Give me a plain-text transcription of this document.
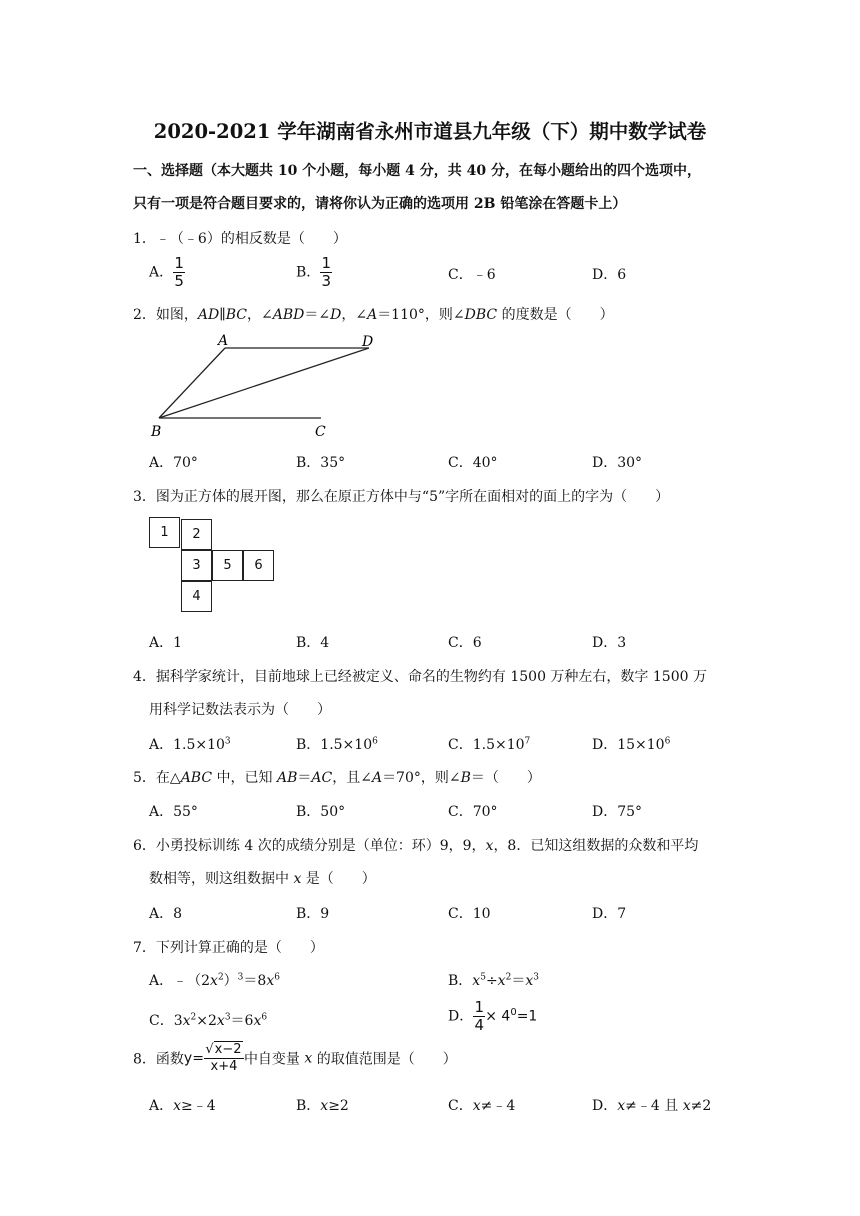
2020-2021 学年湖南省永州市道县九年级（下）期中数学试卷
一、选择题（本大题共 10 个小题，每小题 4 分，共 40 分，在每小题给出的四个选项中，
只有一项是符合题目要求的，请将你认为正确的选项用 2B 铅笔涂在答题卡上）
1．﹣（﹣6）的相反数是（　　）
A． $\frac{1}{5}$	B． $\frac{1}{3}$	C．﹣6	D．6
2．如图，AD∥BC，∠ABD＝∠D，∠A＝110°，则∠DBC 的度数是（　　）
A	D
B	C
A．70°	B．35°	C．40°	D．30°
3．图为正方体的展开图，那么在原正方体中与“5”字所在面相对的面上的字为（　　）
1	2
3	5	6
4
A．1	B．4	C．6	D．3
4．据科学家统计，目前地球上已经被定义、命名的生物约有 1500 万种左右，数字 1500 万
用科学记数法表示为（　　）
A．$1.5\times 10^3$	B．$1.5\times 10^6$	C．$1.5\times 10^7$	D．$15\times 10^6$
5．在△ABC 中，已知 AB＝AC，且∠A＝70°，则∠B＝（　　）
A．55°	B．50°	C．70°	D．75°
6．小勇投标训练 4 次的成绩分别是（单位：环）9，9，x，8．已知这组数据的众数和平均
数相等，则这组数据中 x 是（　　）
A．8	B．9	C．10	D．7
7．下列计算正确的是（　　）
A．$﹣(2x^2)^3=8x^6$	B．$x^5\div x^2=x^3$
C．$3x^2\times 2x^3=6x^6$	D． $\frac{1}{4} \times 4^0=1$
8．函数$y= \frac{√x-2}{x+4}$ 中自变量 x 的取值范围是（　　）
A．x≥﹣4	B．x≥2	C．x≠﹣4	D．x≠﹣4 且 x≠2
